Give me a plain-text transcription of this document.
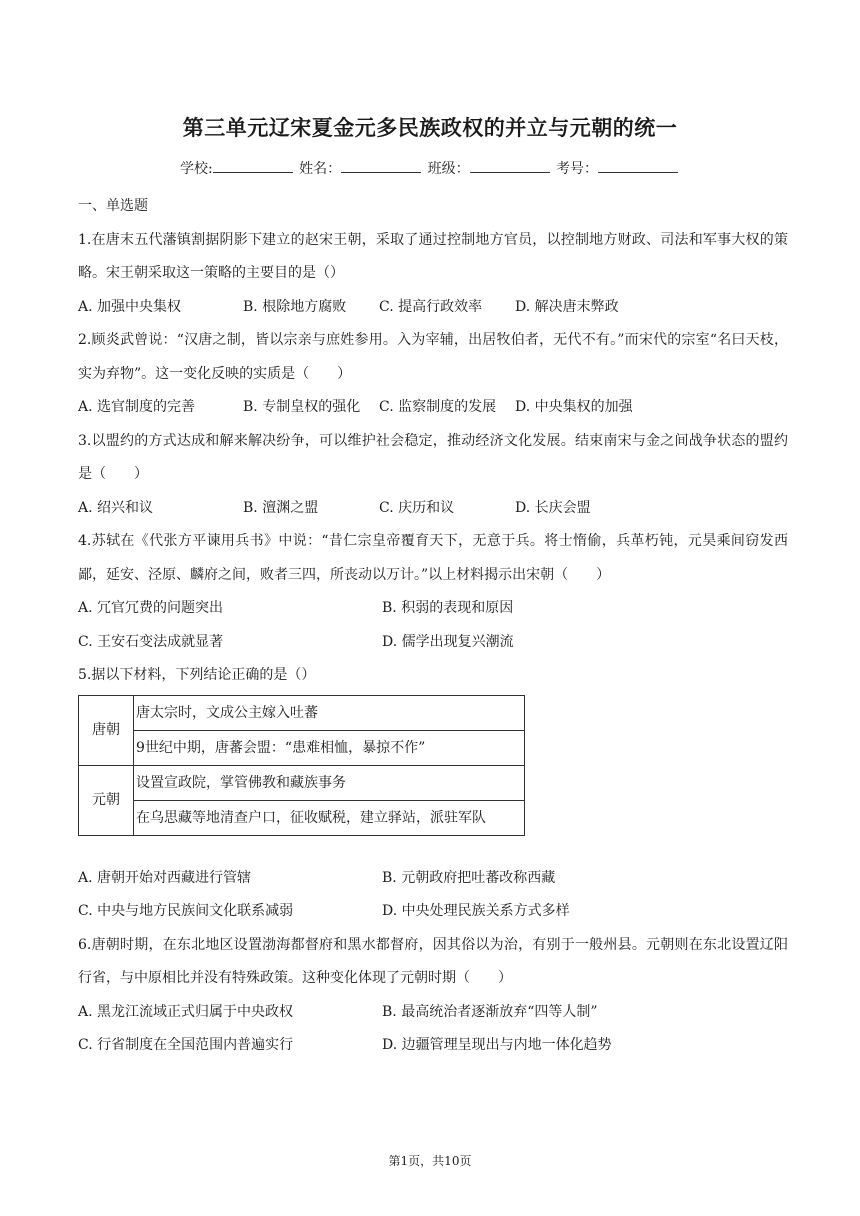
第三单元辽宋夏金元多民族政权的并立与元朝的统一
学校:	姓名：	班级：	考号：

一、单选题

1.在唐末五代藩镇割据阴影下建立的赵宋王朝，采取了通过控制地方官员，以控制地方财政、司法和军事大权的策略。宋王朝采取这一策略的主要目的是（）

A. 加强中央集权	B. 根除地方腐败	C. 提高行政效率	D. 解决唐末弊政

2.顾炎武曾说：“汉唐之制，皆以宗亲与庶姓参用。入为宰辅，出居牧伯者，无代不有。”而宋代的宗室“名曰天枝，实为弃物”。这一变化反映的实质是（　　）

A. 选官制度的完善	B. 专制皇权的强化	C. 监察制度的发展	D. 中央集权的加强

3.以盟约的方式达成和解来解决纷争，可以维护社会稳定，推动经济文化发展。结束南宋与金之间战争状态的盟约是（　　）

A. 绍兴和议	B. 澶渊之盟	C. 庆历和议	D. 长庆会盟

4.苏轼在《代张方平谏用兵书》中说：“昔仁宗皇帝覆育天下，无意于兵。将士惰偷，兵革朽钝，元昊乘间窃发西鄙，延安、泾原、麟府之间，败者三四，所丧动以万计。”以上材料揭示出宋朝（　　）

A. 冗官冗费的问题突出	B. 积弱的表现和原因
C. 王安石变法成就显著	D. 儒学出现复兴潮流

5.据以下材料，下列结论正确的是（）

唐朝	唐太宗时，文成公主嫁入吐蕃
	9世纪中期，唐蕃会盟：“患难相恤，暴掠不作”
元朝	设置宣政院，掌管佛教和藏族事务
	在乌思藏等地清查户口，征收赋税，建立驿站，派驻军队
A. 唐朝开始对西藏进行管辖	B. 元朝政府把吐蕃改称西藏
C. 中央与地方民族间文化联系减弱	D. 中央处理民族关系方式多样

6.唐朝时期，在东北地区设置渤海都督府和黑水都督府，因其俗以为治，有别于一般州县。元朝则在东北设置辽阳行省，与中原相比并没有特殊政策。这种变化体现了元朝时期（　　）

A. 黑龙江流域正式归属于中央政权	B. 最高统治者逐渐放弃“四等人制”
C. 行省制度在全国范围内普遍实行	D. 边疆管理呈现出与内地一体化趋势
第1页，共10页
